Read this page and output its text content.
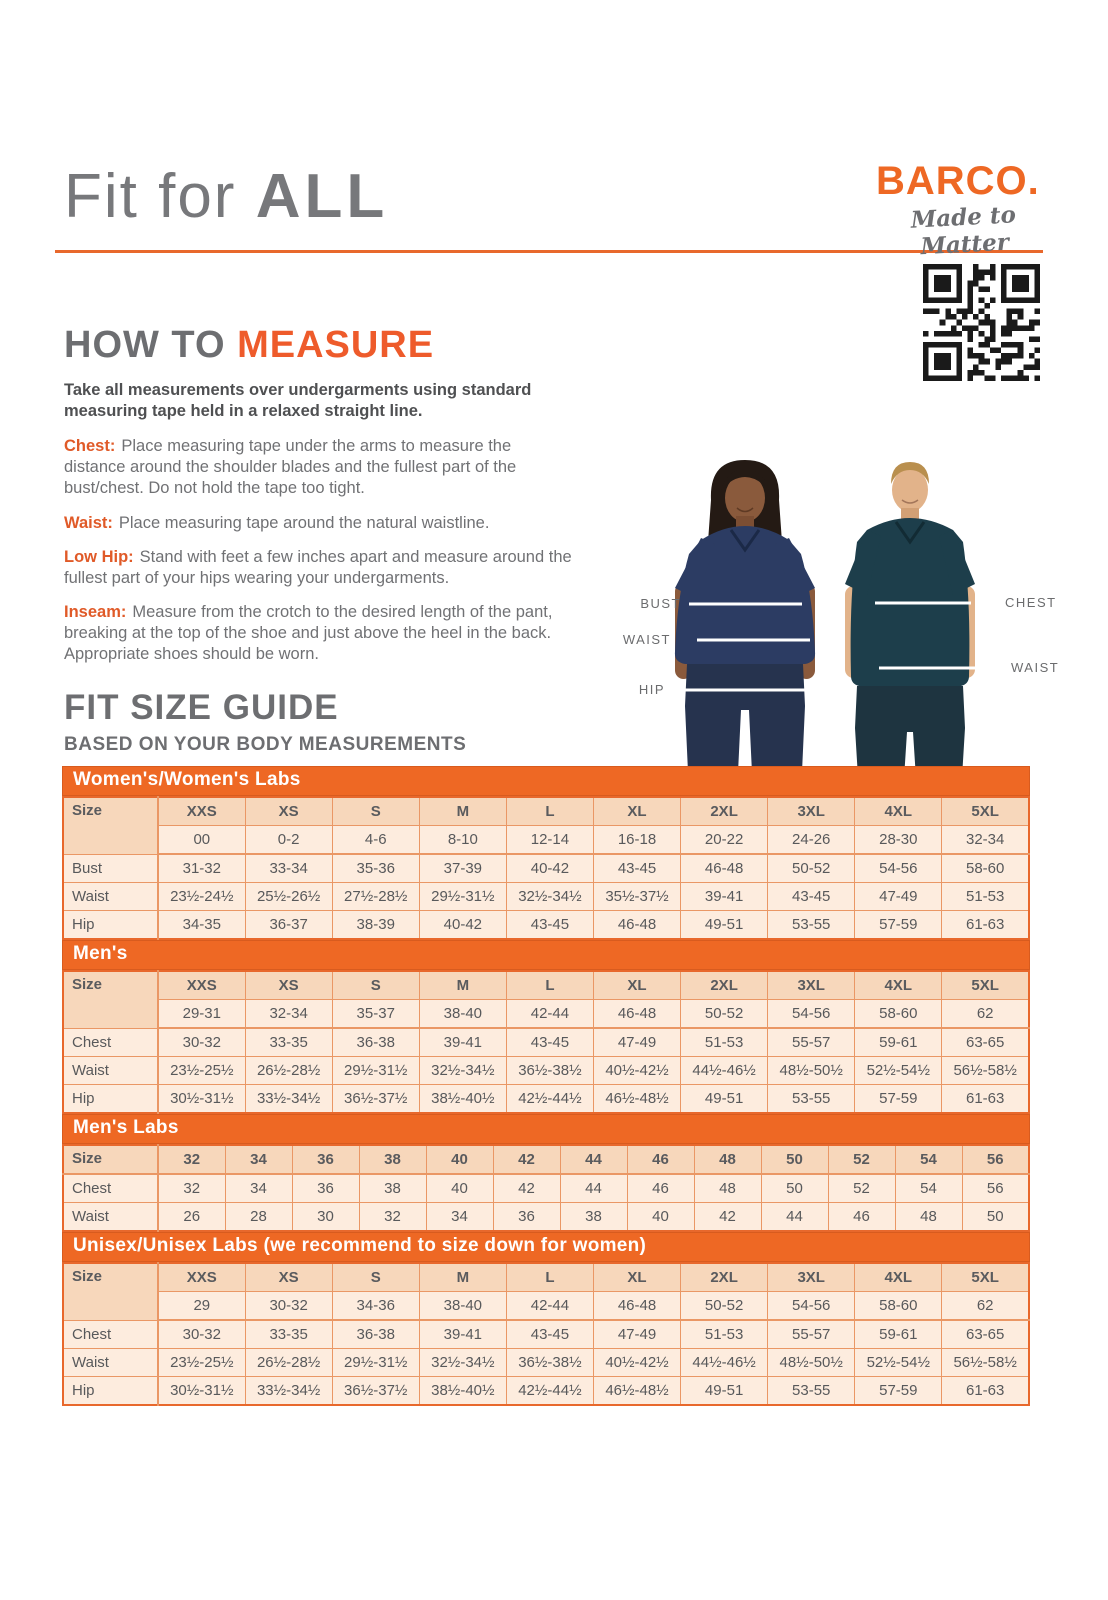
Fit for ALL	BARCO.
Made to Matter
HOW TO MEASURE

Take all measurements over undergarments using standard measuring tape held in a relaxed straight line.

Chest: Place measuring tape under the arms to measure the distance around the shoulder blades and the fullest part of the bust/chest. Do not hold the tape too tight.

Waist: Place measuring tape around the natural waistline.

Low Hip: Stand with feet a few inches apart and measure around the fullest part of your hips wearing your undergarments.

Inseam: Measure from the crotch to the desired length of the pant, breaking at the top of the shoe and just above the heel in the back. Appropriate shoes should be worn.

BUST
WAIST
HIP
CHEST
WAIST
FIT SIZE GUIDE
BASED ON YOUR BODY MEASUREMENTS
Women's/Women's Labs
Size	XXS	XS	S	M	L	XL	2XL	3XL	4XL	5XL
	00	0-2	4-6	8-10	12-14	16-18	20-22	24-26	28-30	32-34
Bust	31-32	33-34	35-36	37-39	40-42	43-45	46-48	50-52	54-56	58-60
Waist	23½-24½	25½-26½	27½-28½	29½-31½	32½-34½	35½-37½	39-41	43-45	47-49	51-53
Hip	34-35	36-37	38-39	40-42	43-45	46-48	49-51	53-55	57-59	61-63
Men's
Size	XXS	XS	S	M	L	XL	2XL	3XL	4XL	5XL
	29-31	32-34	35-37	38-40	42-44	46-48	50-52	54-56	58-60	62
Chest	30-32	33-35	36-38	39-41	43-45	47-49	51-53	55-57	59-61	63-65
Waist	23½-25½	26½-28½	29½-31½	32½-34½	36½-38½	40½-42½	44½-46½	48½-50½	52½-54½	56½-58½
Hip	30½-31½	33½-34½	36½-37½	38½-40½	42½-44½	46½-48½	49-51	53-55	57-59	61-63
Men's Labs
Size	32	34	36	38	40	42	44	46	48	50	52	54	56
Chest	32	34	36	38	40	42	44	46	48	50	52	54	56
Waist	26	28	30	32	34	36	38	40	42	44	46	48	50
Unisex/Unisex Labs (we recommend to size down for women)
Size	XXS	XS	S	M	L	XL	2XL	3XL	4XL	5XL
	29	30-32	34-36	38-40	42-44	46-48	50-52	54-56	58-60	62
Chest	30-32	33-35	36-38	39-41	43-45	47-49	51-53	55-57	59-61	63-65
Waist	23½-25½	26½-28½	29½-31½	32½-34½	36½-38½	40½-42½	44½-46½	48½-50½	52½-54½	56½-58½
Hip	30½-31½	33½-34½	36½-37½	38½-40½	42½-44½	46½-48½	49-51	53-55	57-59	61-63
